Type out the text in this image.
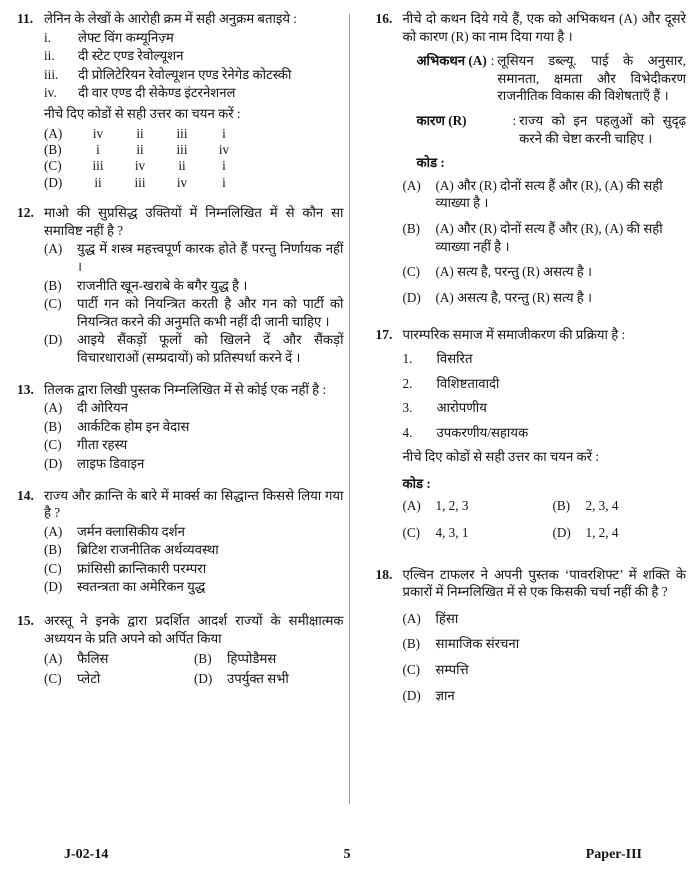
11. लेनिन के लेखों के आरोही क्रम में सही अनुक्रम बताइये :

i.	लेफ्ट विंग कम्यूनिज़्म
ii.	दी स्टेट एण्ड रेवोल्यूशन
iii.	दी प्रोलिटेरियन रेवोल्यूशन एण्ड रेनेगेड कोटस्की
iv.	दी वार एण्ड दी सेकेण्ड इंटरनेशनल
नीचे दिए कोडों से सही उत्तर का चयन करें :
(A)	iv	ii	iii	i
(B)	i	ii	iii	iv
(C)	iii	iv	ii	i
(D)	ii	iii	iv	i
12. माओ की सुप्रसिद्ध उक्तियों में निम्नलिखित में से कौन सा समाविष्ट नहीं है ?

(A)	युद्ध में शस्त्र महत्त्वपूर्ण कारक होते हैं परन्तु निर्णायक नहीं ।
(B)	राजनीति खून-खराबे के बगैर युद्ध है ।
(C)	पार्टी गन को नियन्त्रित करती है और गन को पार्टी को नियन्त्रित करने की अनुमति कभी नहीं दी जानी चाहिए ।
(D)	आइये सैंकड़ों फूलों को खिलने दें और सैंकड़ों विचारधाराओं (सम्प्रदायों) को प्रतिस्पर्धा करने दें ।
13. तिलक द्वारा लिखी पुस्तक निम्नलिखित में से कोई एक नहीं है :

(A)	दी ओरियन
(B)	आर्कटिक होम इन वेदास
(C)	गीता रहस्य
(D)	लाइफ डिवाइन
14. राज्य और क्रान्ति के बारे में मार्क्स का सिद्धान्त किससे लिया गया है ?

(A)	जर्मन क्लासिकीय दर्शन
(B)	ब्रिटिश राजनीतिक अर्थव्यवस्था
(C)	फ्रांसिसी क्रान्तिकारी परम्परा
(D)	स्वतन्त्रता का अमेरिकन युद्ध
15. अरस्तू ने इनके द्वारा प्रदर्शित आदर्श राज्यों के समीक्षात्मक अध्ययन के प्रति अपने को अर्पित किया

(A)	फैलिस	(B)	हिप्पोडैमस
(C)	प्लेटो	(D)	उपर्युक्त सभी
16. नीचे दो कथन दिये गये हैं, एक को अभिकथन (A) और दूसरे को कारण (R) का नाम दिया गया है ।

अभिकथन (A) : लूसियन डब्ल्यू. पाई के अनुसार, समानता, क्षमता और विभेदीकरण राजनीतिक विकास की विशेषताएँ हैं ।
कारण (R)	: राज्य को इन पहलुओं को सुदृढ़ करने की चेष्टा करनी चाहिए ।
कोड :
(A)	(A) और (R) दोनों सत्य हैं और (R), (A) की सही व्याख्या है ।
(B)	(A) और (R) दोनों सत्य हैं और (R), (A) की सही व्याख्या नहीं है ।
(C)	(A) सत्य है, परन्तु (R) असत्य है ।
(D)	(A) असत्य है, परन्तु (R) सत्य है ।
17. पारम्परिक समाज में समाजीकरण की प्रक्रिया है :

1.	विसरित
2.	विशिष्टतावादी
3.	आरोपणीय
4.	उपकरणीय/सहायक
नीचे दिए कोडों से सही उत्तर का चयन करें :
कोड :
(A)	1, 2, 3	(B)	2, 3, 4
(C)	4, 3, 1	(D)	1, 2, 4
18. एल्विन टाफलर ने अपनी पुस्तक ‘पावरशिफ्ट’ में शक्ति के प्रकारों में निम्नलिखित में से एक किसकी चर्चा नहीं की है ?

(A)	हिंसा
(B)	सामाजिक संरचना
(C)	सम्पत्ति
(D)	ज्ञान
J-02-14	5	Paper-III
